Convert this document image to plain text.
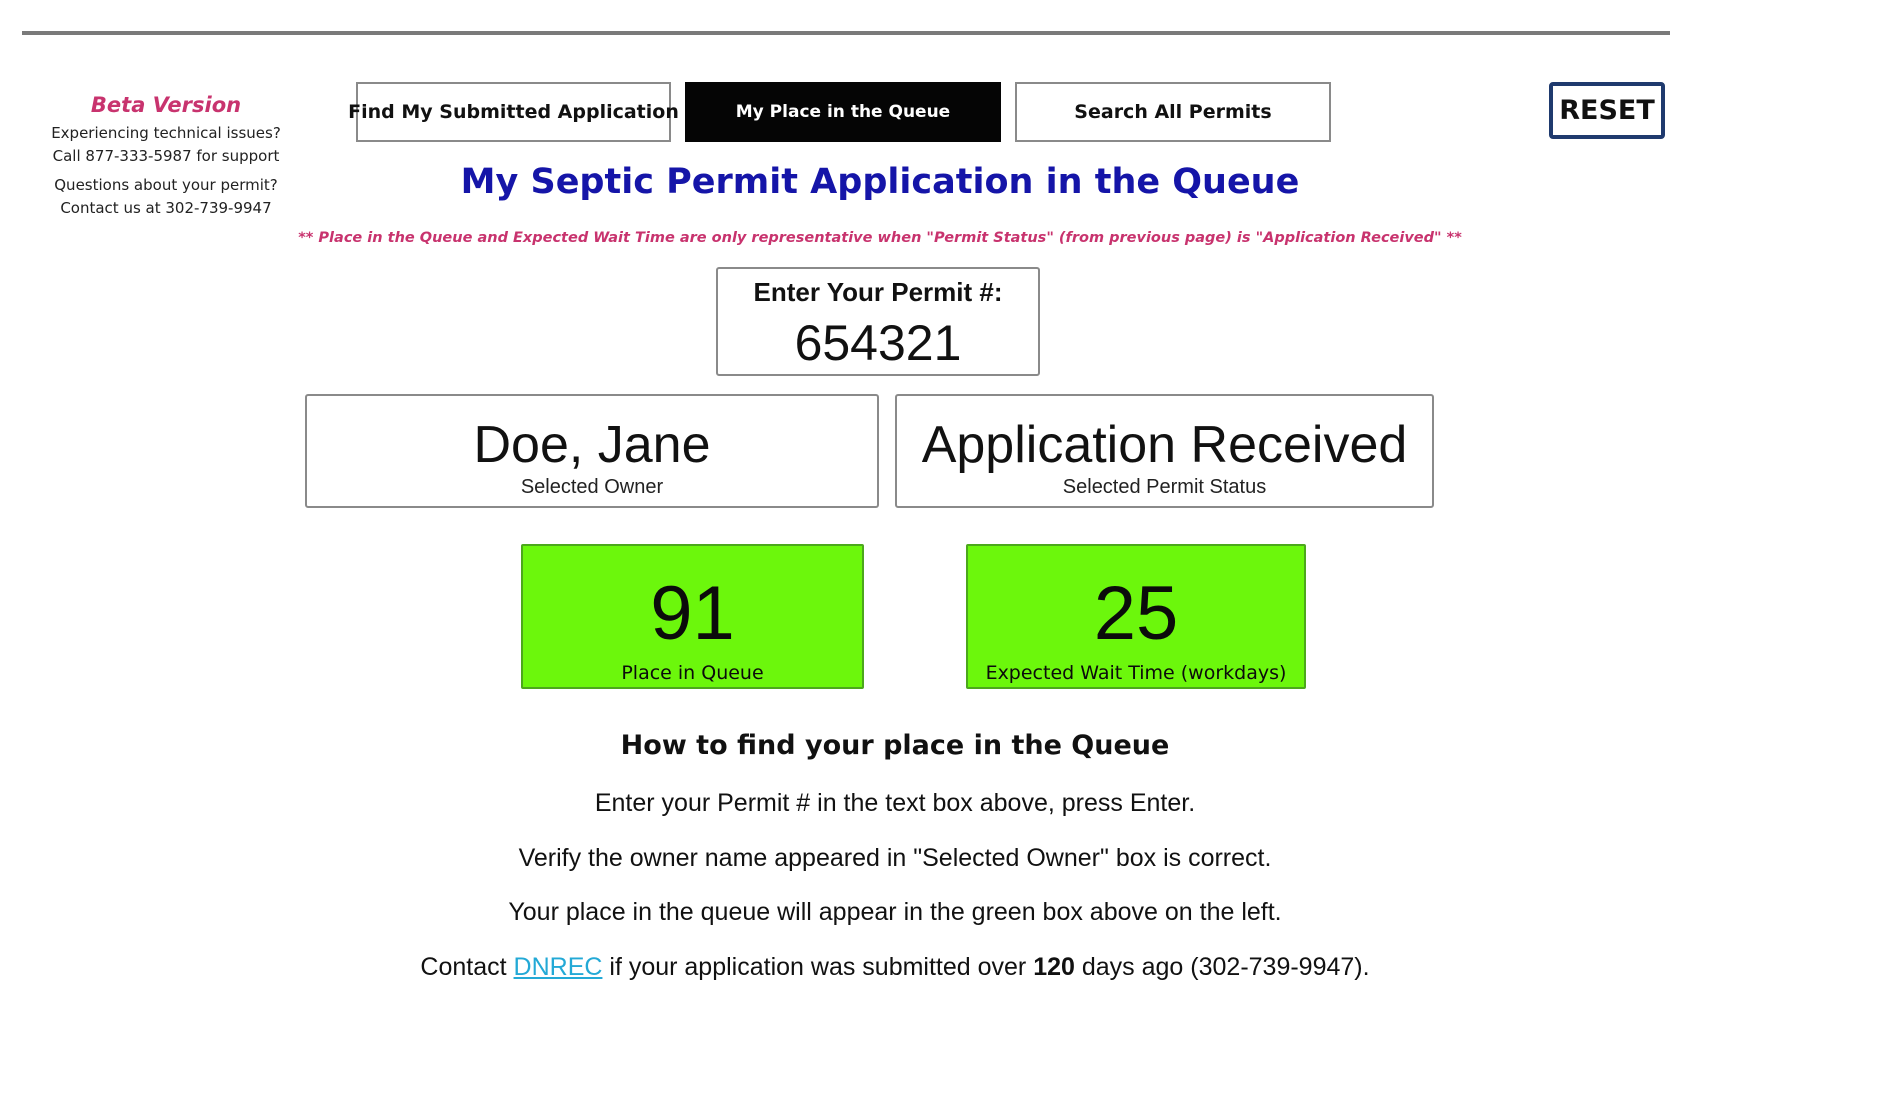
Beta Version
Experiencing technical issues?
Call 877-333-5987 for support
Questions about your permit?
Contact us at 302-739-9947
Find My Submitted Application	My Place in the Queue	Search All Permits	RESET
My Septic Permit Application in the Queue
** Place in the Queue and Expected Wait Time are only representative when "Permit Status" (from previous page) is "Application Received" **
Enter Your Permit #:
654321
Doe, Jane
Selected Owner
Application Received
Selected Permit Status
91
Place in Queue
25
Expected Wait Time (workdays)
How to find your place in the Queue
Enter your Permit # in the text box above, press Enter.
Verify the owner name appeared in "Selected Owner" box is correct.
Your place in the queue will appear in the green box above on the left.
Contact DNREC if your application was submitted over 120 days ago (302-739-9947).
